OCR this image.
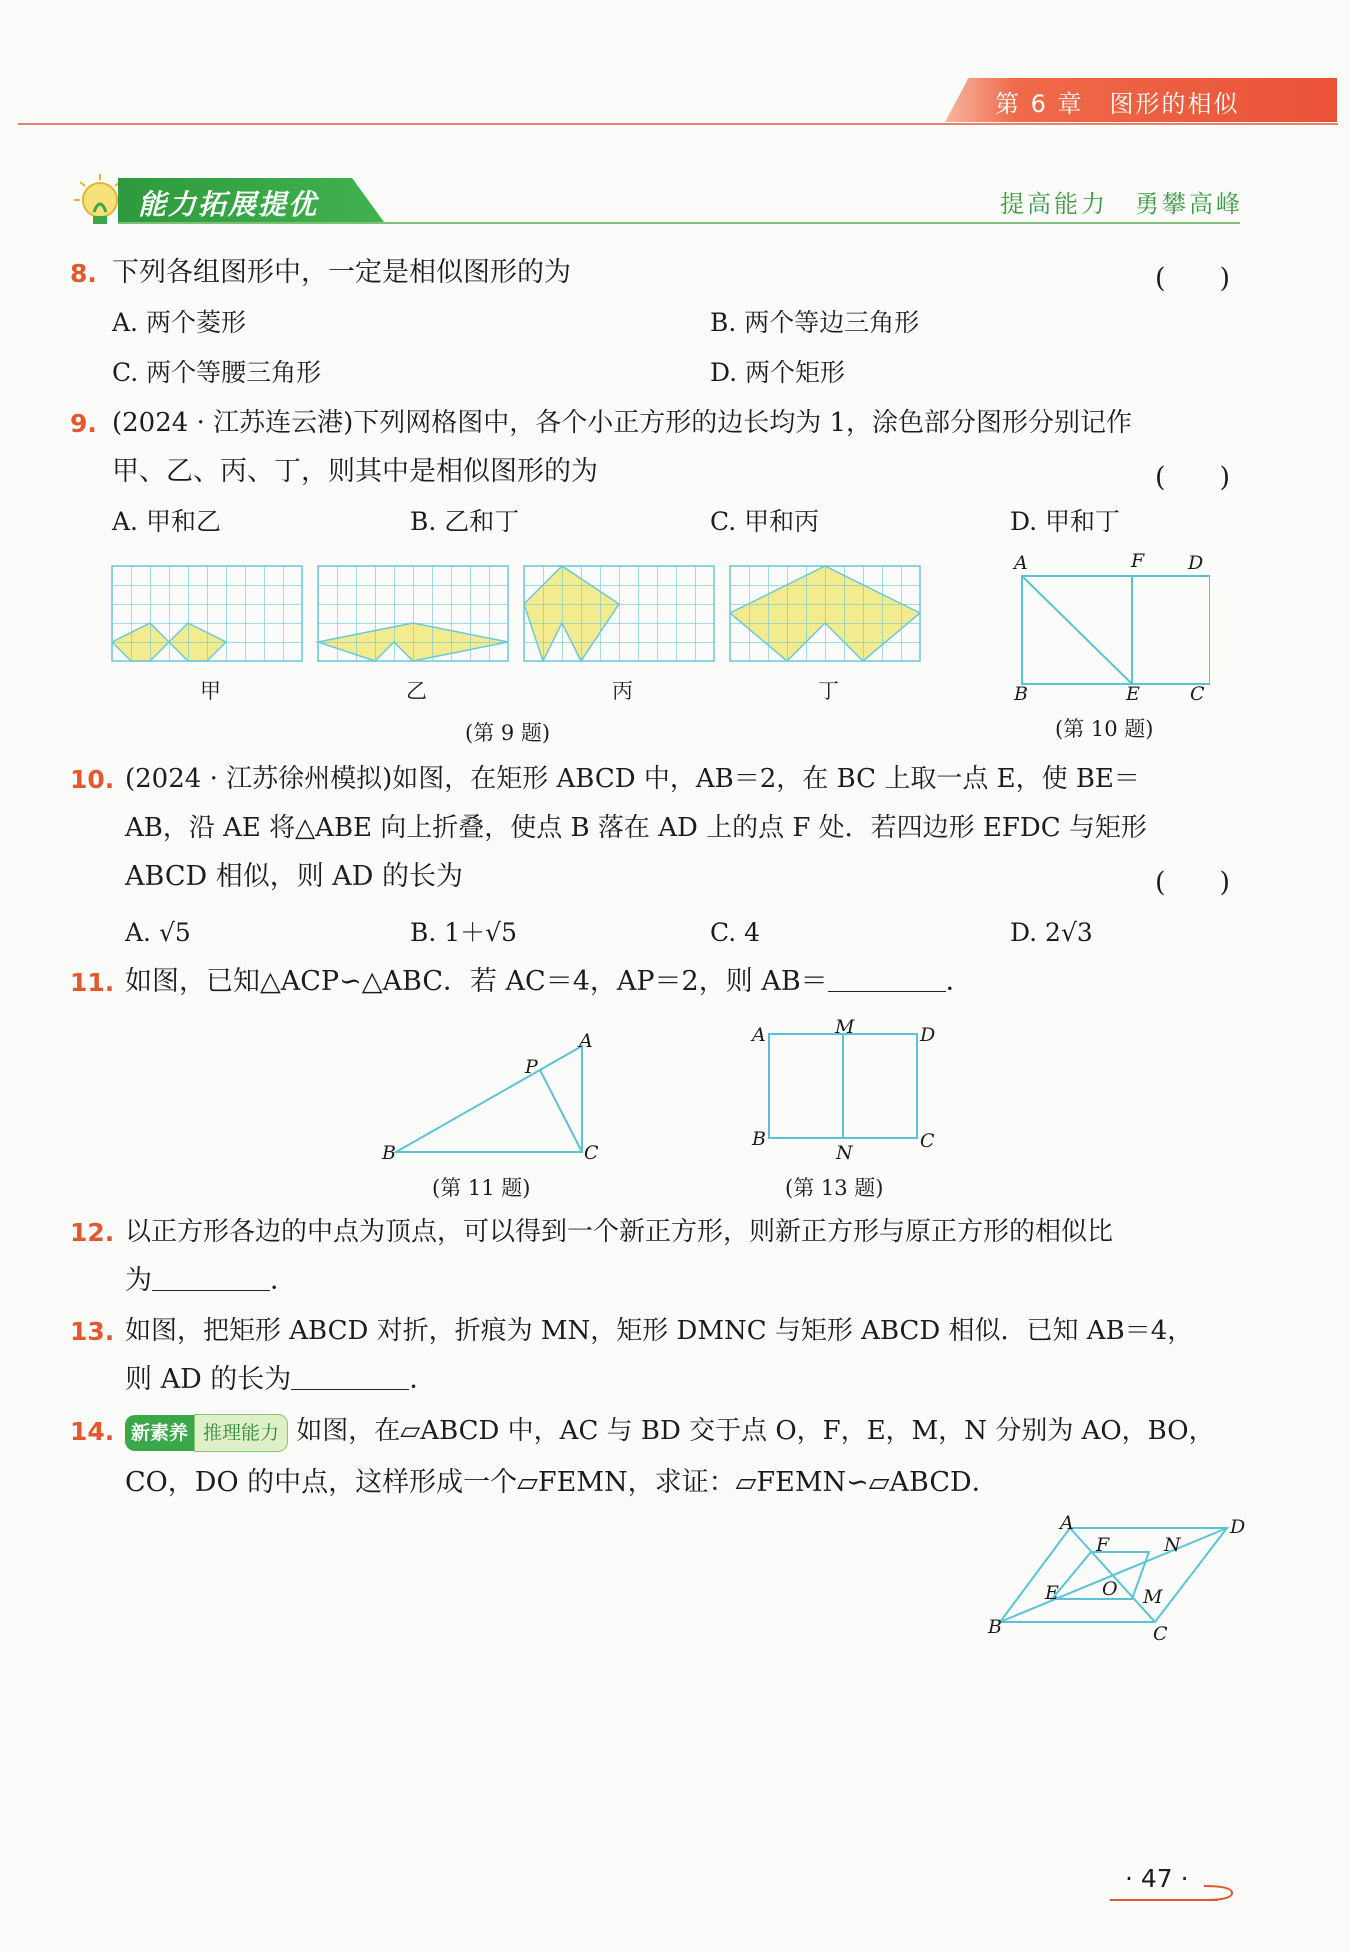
第 6 章　图形的相似
能力拓展提优	提高能力　勇攀高峰
8. 下列各组图形中，一定是相似图形的为	(　　)
A. 两个菱形	B. 两个等边三角形
C. 两个等腰三角形	D. 两个矩形
9. (2024 · 江苏连云港)下列网格图中，各个小正方形的边长均为 1，涂色部分图形分别记作
甲、乙、丙、丁，则其中是相似图形的为	(　　)
A. 甲和乙	B. 乙和丁	C. 甲和丙	D. 甲和丁
甲	乙	丙	丁
(第 9 题)
A	F D
B	E	C
(第 10 题)
10. (2024 · 江苏徐州模拟)如图，在矩形 ABCD 中，AB＝2，在 BC 上取一点 E，使 BE＝
AB，沿 AE 将△ABE 向上折叠，使点 B 落在 AD 上的点 F 处．若四边形 EFDC 与矩形
ABCD 相似，则 AD 的长为	(　　)
A. √5	B. 1＋√5	C. 4	D. 2√3
11. 如图，已知△ACP∽△ABC．若 AC＝4，AP＝2，则 AB＝	．
A
P
B	C
(第 11 题)
A	M	D
B
N
C
(第 13 题)
12. 以正方形各边的中点为顶点，可以得到一个新正方形，则新正方形与原正方形的相似比
为	．
13. 如图，把矩形 ABCD 对折，折痕为 MN，矩形 DMNC 与矩形 ABCD 相似．已知 AB＝4，
则 AD 的长为	．
14. 新素养 推理能力 如图，在▱ABCD 中，AC 与 BD 交于点 O，F，E，M，N 分别为 AO，BO，
CO，DO 的中点，这样形成一个▱FEMN，求证：▱FEMN∽▱ABCD．
A	D
F	N
E O M
B	C
· 47 ·
